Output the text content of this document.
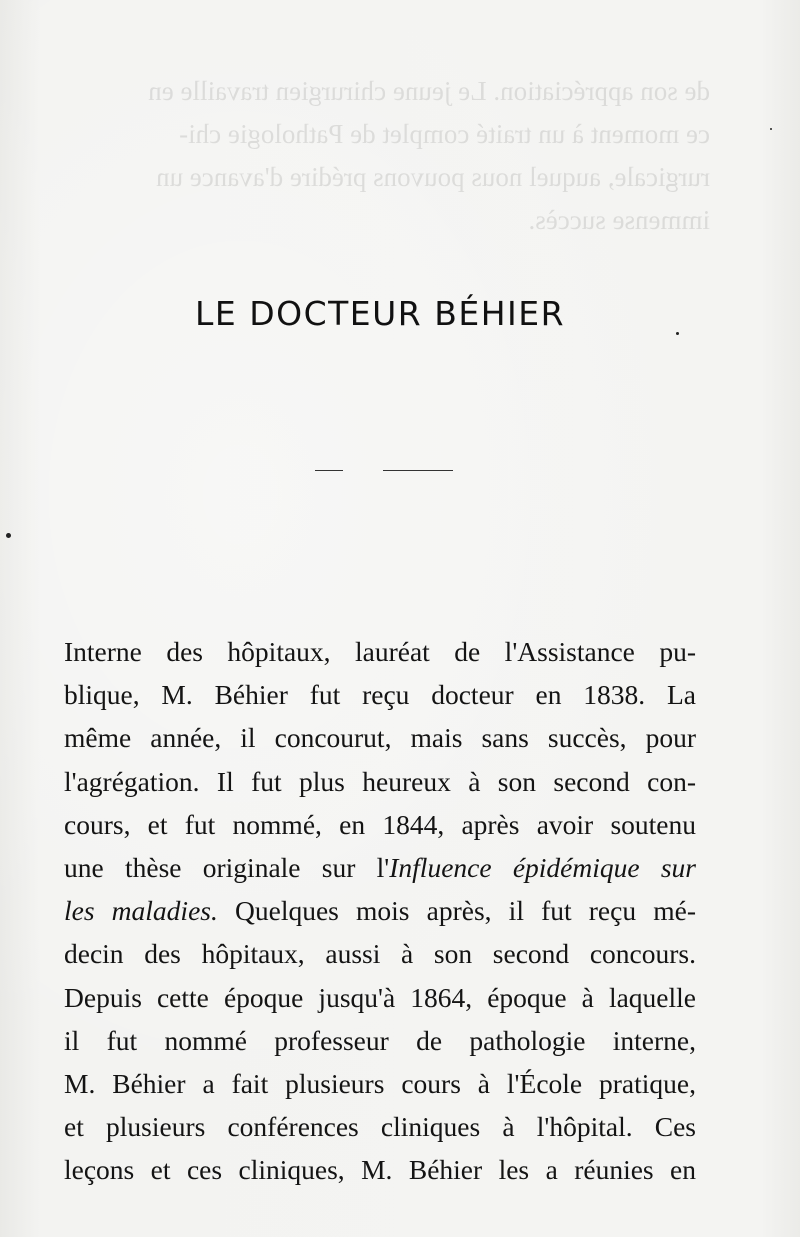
de son appréciation. Le jeune chirurgien travaille en
ce moment à un traité complet de Pathologie chi-
rurgicale, auquel nous pouvons prédire d'avance un
immense succès.
LE DOCTEUR BÉHIER
Interne des hôpitaux, lauréat de l'Assistance pu-
blique, M. Béhier fut reçu docteur en 1838. La
même année, il concourut, mais sans succès, pour
l'agrégation. Il fut plus heureux à son second con-
cours, et fut nommé, en 1844, après avoir soutenu
une thèse originale sur l'Influence épidémique sur
les maladies. Quelques mois après, il fut reçu mé-
decin des hôpitaux, aussi à son second concours.
Depuis cette époque jusqu'à 1864, époque à laquelle
il fut nommé professeur de pathologie interne,
M. Béhier a fait plusieurs cours à l'École pratique,
et plusieurs conférences cliniques à l'hôpital. Ces
leçons et ces cliniques, M. Béhier les a réunies en
